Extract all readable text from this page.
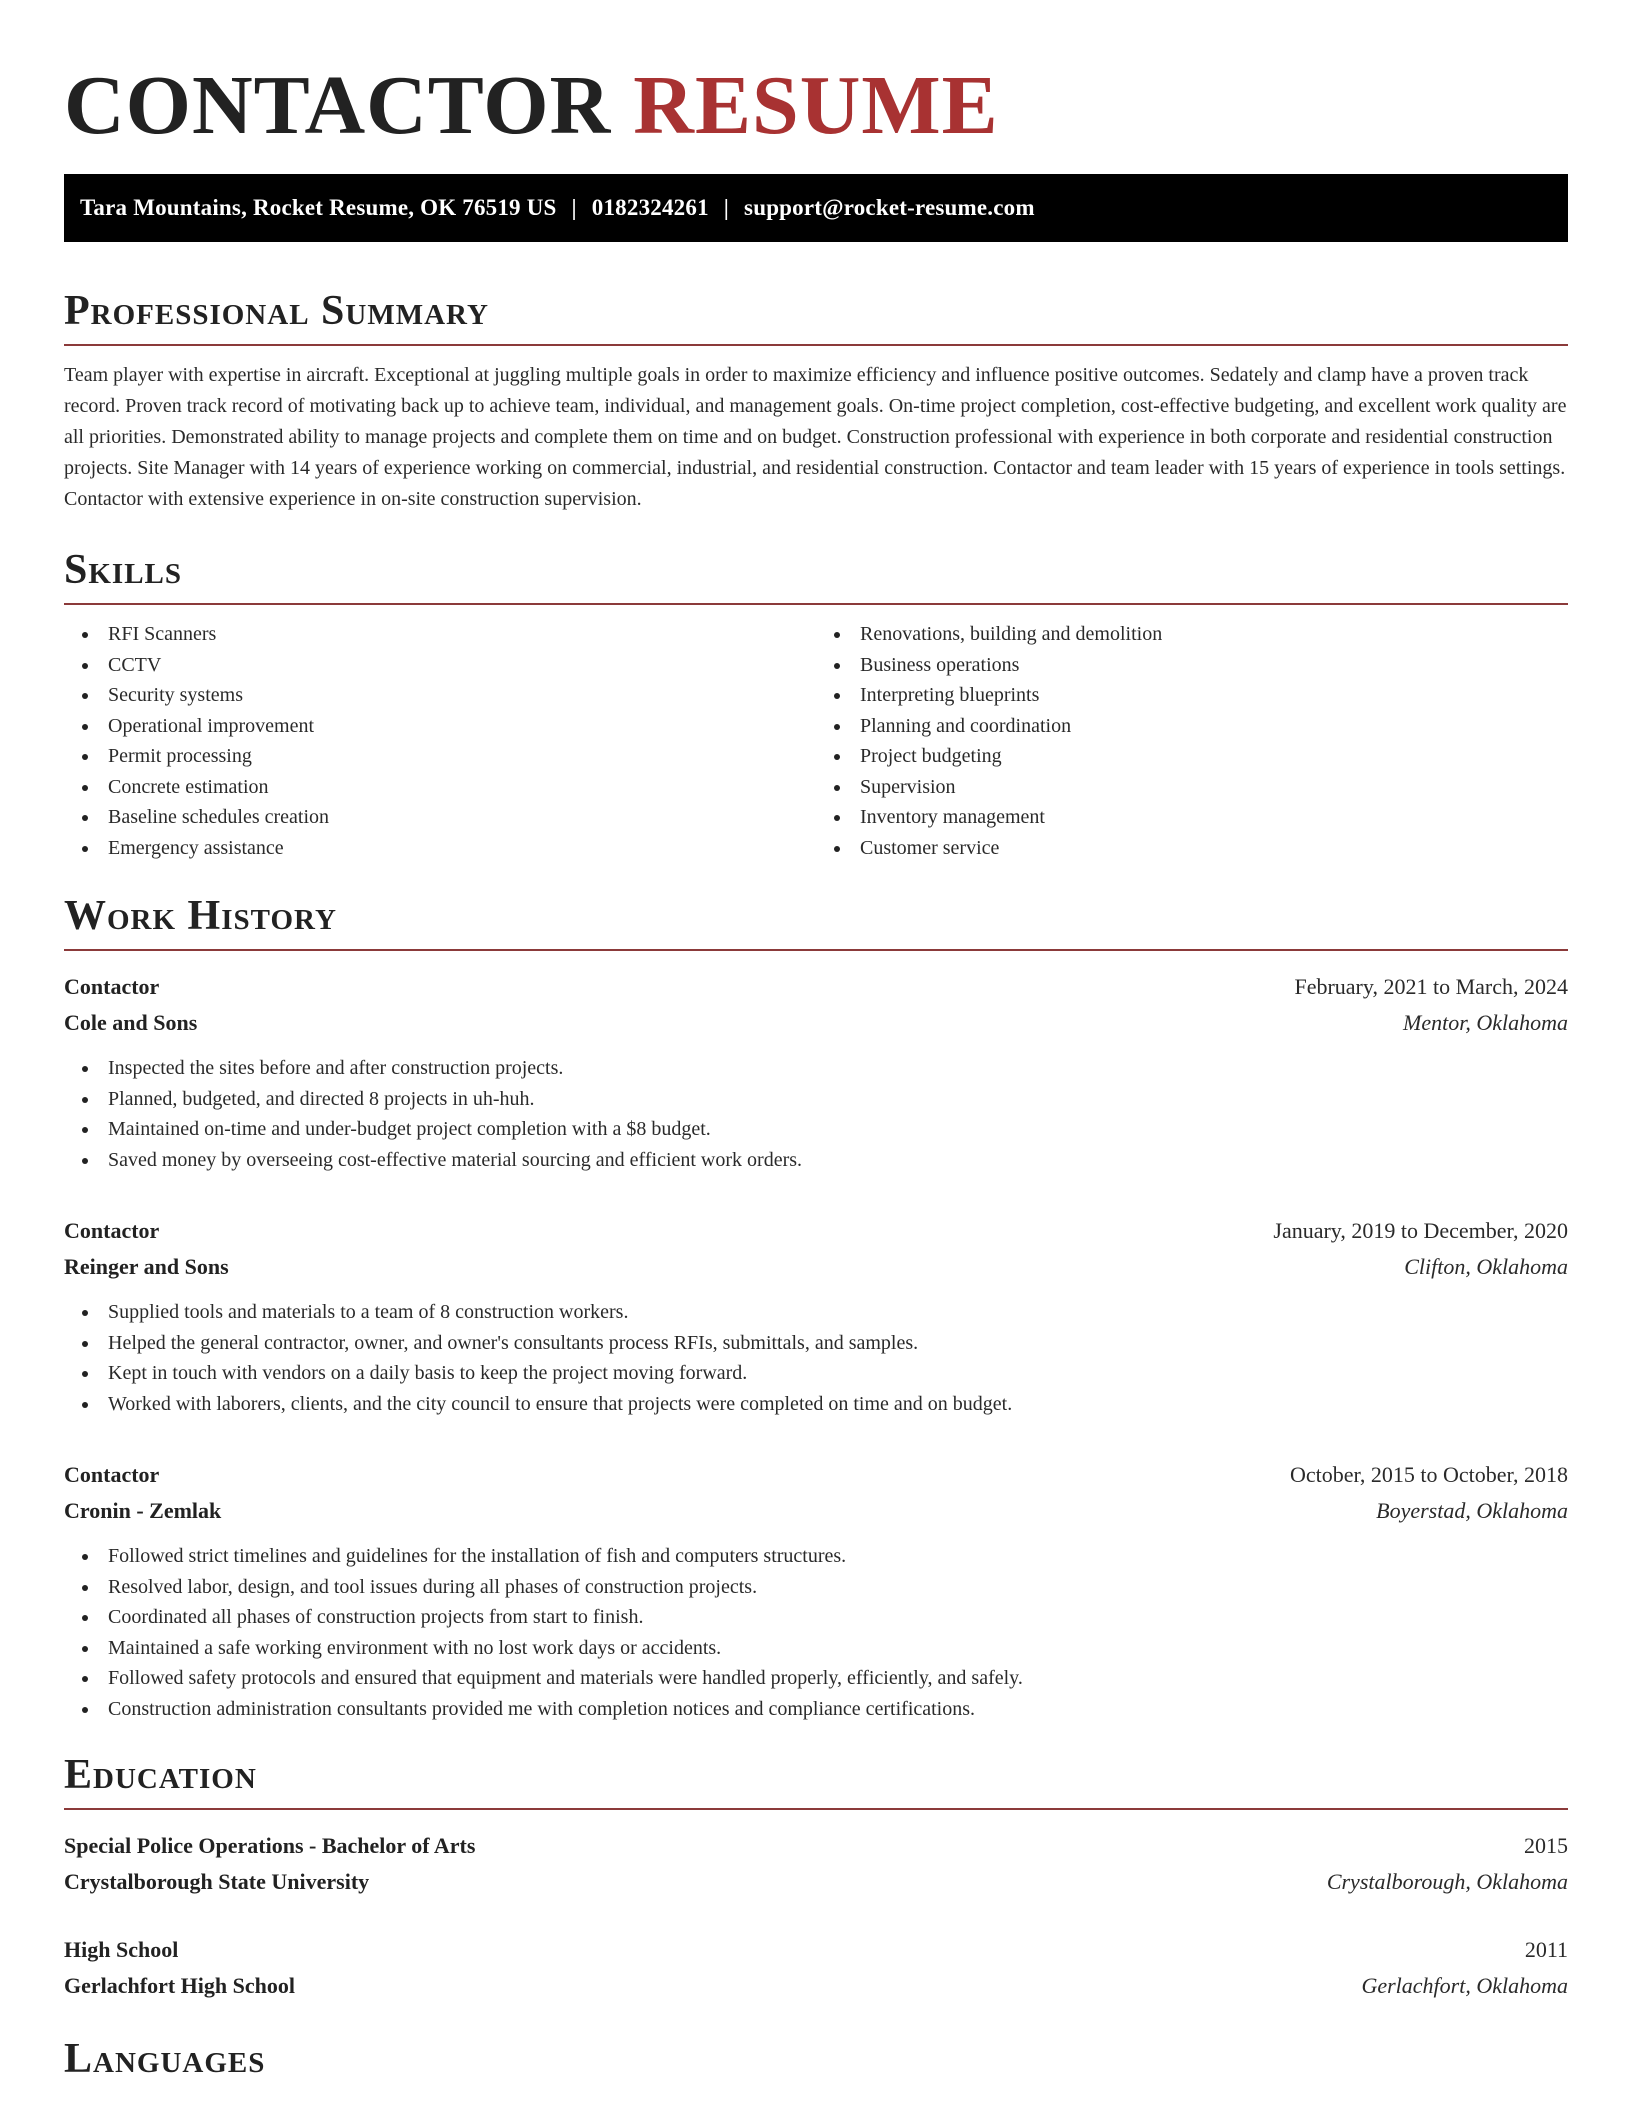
CONTACTOR RESUME
Tara Mountains, Rocket Resume, OK 76519 US | 0182324261 | support@rocket-resume.com
Professional Summary

Team player with expertise in aircraft. Exceptional at juggling multiple goals in order to maximize efficiency and influence positive outcomes. Sedately and clamp have a proven track record. Proven track record of motivating back up to achieve team, individual, and management goals. On-time project completion, cost-effective budgeting, and excellent work quality are all priorities. Demonstrated ability to manage projects and complete them on time and on budget. Construction professional with experience in both corporate and residential construction projects. Site Manager with 14 years of experience working on commercial, industrial, and residential construction. Contactor and team leader with 15 years of experience in tools settings. Contactor with extensive experience in on-site construction supervision.

Skills
RFI Scanners
CCTV
Security systems
Operational improvement
Permit processing
Concrete estimation
Baseline schedules creation
Emergency assistance
Renovations, building and demolition
Business operations
Interpreting blueprints
Planning and coordination
Project budgeting
Supervision
Inventory management
Customer service
Work History
Contactor	February, 2021 to March, 2024
Cole and Sons	Mentor, Oklahoma
Inspected the sites before and after construction projects.
Planned, budgeted, and directed 8 projects in uh-huh.
Maintained on-time and under-budget project completion with a $8 budget.
Saved money by overseeing cost-effective material sourcing and efficient work orders.
Contactor	January, 2019 to December, 2020
Reinger and Sons	Clifton, Oklahoma
Supplied tools and materials to a team of 8 construction workers.
Helped the general contractor, owner, and owner's consultants process RFIs, submittals, and samples.
Kept in touch with vendors on a daily basis to keep the project moving forward.
Worked with laborers, clients, and the city council to ensure that projects were completed on time and on budget.
Contactor	October, 2015 to October, 2018
Cronin - Zemlak	Boyerstad, Oklahoma
Followed strict timelines and guidelines for the installation of fish and computers structures.
Resolved labor, design, and tool issues during all phases of construction projects.
Coordinated all phases of construction projects from start to finish.
Maintained a safe working environment with no lost work days or accidents.
Followed safety protocols and ensured that equipment and materials were handled properly, efficiently, and safely.
Construction administration consultants provided me with completion notices and compliance certifications.
Education
Special Police Operations - Bachelor of Arts	2015
Crystalborough State University	Crystalborough, Oklahoma
High School	2011
Gerlachfort High School	Gerlachfort, Oklahoma
Languages
